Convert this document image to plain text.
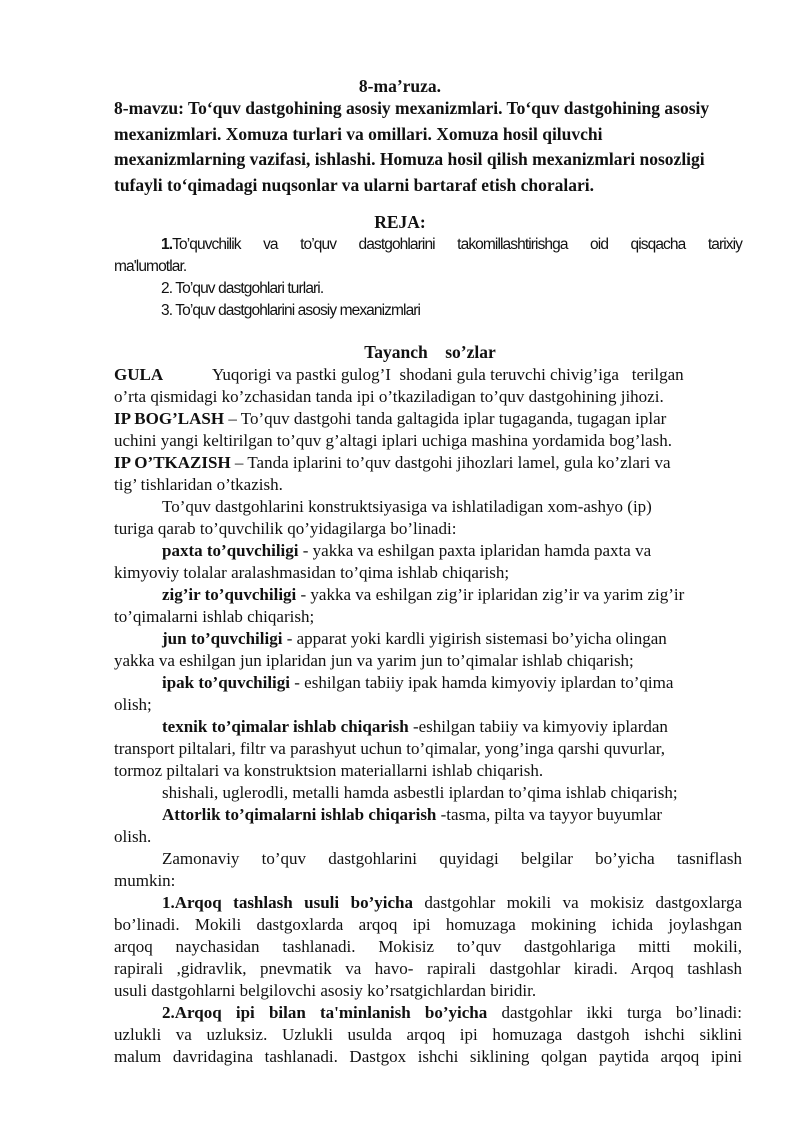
8-ma’ruza.

8-mavzu: To‘quv dastgohining asosiy mexanizmlari. To‘quv dastgohining asosiy mexanizmlari. Xomuza turlari va omillari. Xomuza hosil qiluvchi mexanizmlarning vazifasi, ishlashi. Homuza hosil qilish mexanizmlari nosozligi tufayli to‘qimadagi nuqsonlar va ularni bartaraf etish choralari.

REJA:

1.To’quvchilik va to’quv dastgohlarini takomillashtirishga oid qisqacha tarixiy
ma'lumotlar.

2. To’quv dastgohlari turlari.

3. To’quv dastgohlarini asosiy mexanizmlari

Tayanch    so’zlar

GULA	Yuqorigi va pastki gulog’I  shodani gula teruvchi chivig’iga   terilgan
o’rta qismidagi ko’zchasidan tanda ipi o’tkaziladigan to’quv dastgohining jihozi.

IP BOG’LASH – To’quv dastgohi tanda galtagida iplar tugaganda, tugagan iplar
uchini yangi keltirilgan to’quv g’altagi iplari uchiga mashina yordamida bog’lash.

IP O’TKAZISH – Tanda iplarini to’quv dastgohi jihozlari lamel, gula ko’zlari va
tig’ tishlaridan o’tkazish.

To’quv dastgohlarini konstruktsiyasiga va ishlatiladigan xom-ashyo (ip)
turiga qarab to’quvchilik qo’yidagilarga bo’linadi:

paxta to’quvchiligi - yakka va eshilgan paxta iplaridan hamda paxta va
kimyoviy tolalar aralashmasidan to’qima ishlab chiqarish;

zig’ir to’quvchiligi - yakka va eshilgan zig’ir iplaridan zig’ir va yarim zig’ir
to’qimalarni ishlab chiqarish;

jun to’quvchiligi - apparat yoki kardli yigirish sistemasi bo’yicha olingan
yakka va eshilgan jun iplaridan jun va yarim jun to’qimalar ishlab chiqarish;

ipak to’quvchiligi - eshilgan tabiiy ipak hamda kimyoviy iplardan to’qima
olish;

texnik to’qimalar ishlab chiqarish -eshilgan tabiiy va kimyoviy iplardan
transport piltalari, filtr va parashyut uchun to’qimalar, yong’inga qarshi quvurlar,
tormoz piltalari va konstruktsion materiallarni ishlab chiqarish.

shishali, uglerodli, metalli hamda asbestli iplardan to’qima ishlab chiqarish;

Attorlik to’qimalarni ishlab chiqarish -tasma, pilta va tayyor buyumlar
olish.

Zamonaviy to’quv dastgohlarini quyidagi belgilar bo’yicha tasniflash
mumkin:

1.Arqoq tashlash usuli bo’yicha dastgohlar mokili va mokisiz dastgoxlarga
bo’linadi. Mokili dastgoxlarda arqoq ipi homuzaga mokining ichida joylashgan
arqoq naychasidan tashlanadi. Mokisiz to’quv dastgohlariga mitti mokili,
rapirali ,gidravlik, pnevmatik va havo- rapirali dastgohlar kiradi. Arqoq tashlash
usuli dastgohlarni belgilovchi asosiy ko’rsatgichlardan biridir.

2.Arqoq ipi bilan ta'minlanish bo’yicha dastgohlar ikki turga bo’linadi:
uzlukli va uzluksiz. Uzlukli usulda arqoq ipi homuzaga dastgoh ishchi siklini
malum davridagina tashlanadi. Dastgox ishchi siklining qolgan paytida arqoq ipini
